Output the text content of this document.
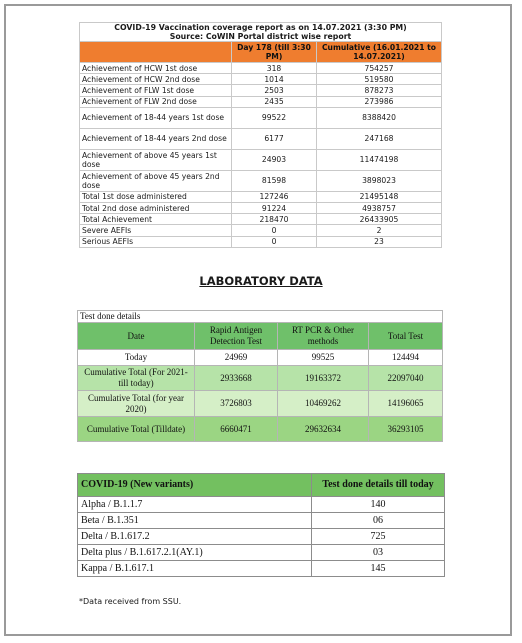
COVID-19 Vaccination coverage report as on 14.07.2021 (3:30 PM)
Source: CoWIN Portal district wise report		

	Day 178 (till 3:30 PM)	Cumulative (16.01.2021 to 14.07.2021)
Achievement of HCW 1st dose	318	754257
Achievement of HCW 2nd dose	1014	519580
Achievement of FLW 1st dose	2503	878273
Achievement of FLW 2nd dose	2435	273986
Achievement of 18-44 years 1st dose	99522	8388420
Achievement of 18-44 years 2nd dose	6177	247168
Achievement of above 45 years 1st dose	24903	11474198
Achievement of above 45 years 2nd dose	81598	3898023
Total 1st dose administered	127246	21495148
Total 2nd dose administered	91224	4938757
Total Achievement	218470	26433905
Severe AEFIs	0	2
Serious AEFIs	0	23
LABORATORY DATA
Test done details			
Date	Rapid Antigen Detection Test	RT PCR & Other methods	Total Test
Today	24969	99525	124494
Cumulative Total (For 2021- till today)	2933668	19163372	22097040
Cumulative Total (for year 2020)	3726803	10469262	14196065
Cumulative Total (Tilldate)	6660471	29632634	36293105
COVID-19 (New variants)	Test done details till today
Alpha / B.1.1.7	140
Beta / B.1.351	06
Delta / B.1.617.2	725
Delta plus / B.1.617.2.1(AY.1)	03
Kappa / B.1.617.1	145
*Data received from SSU.
